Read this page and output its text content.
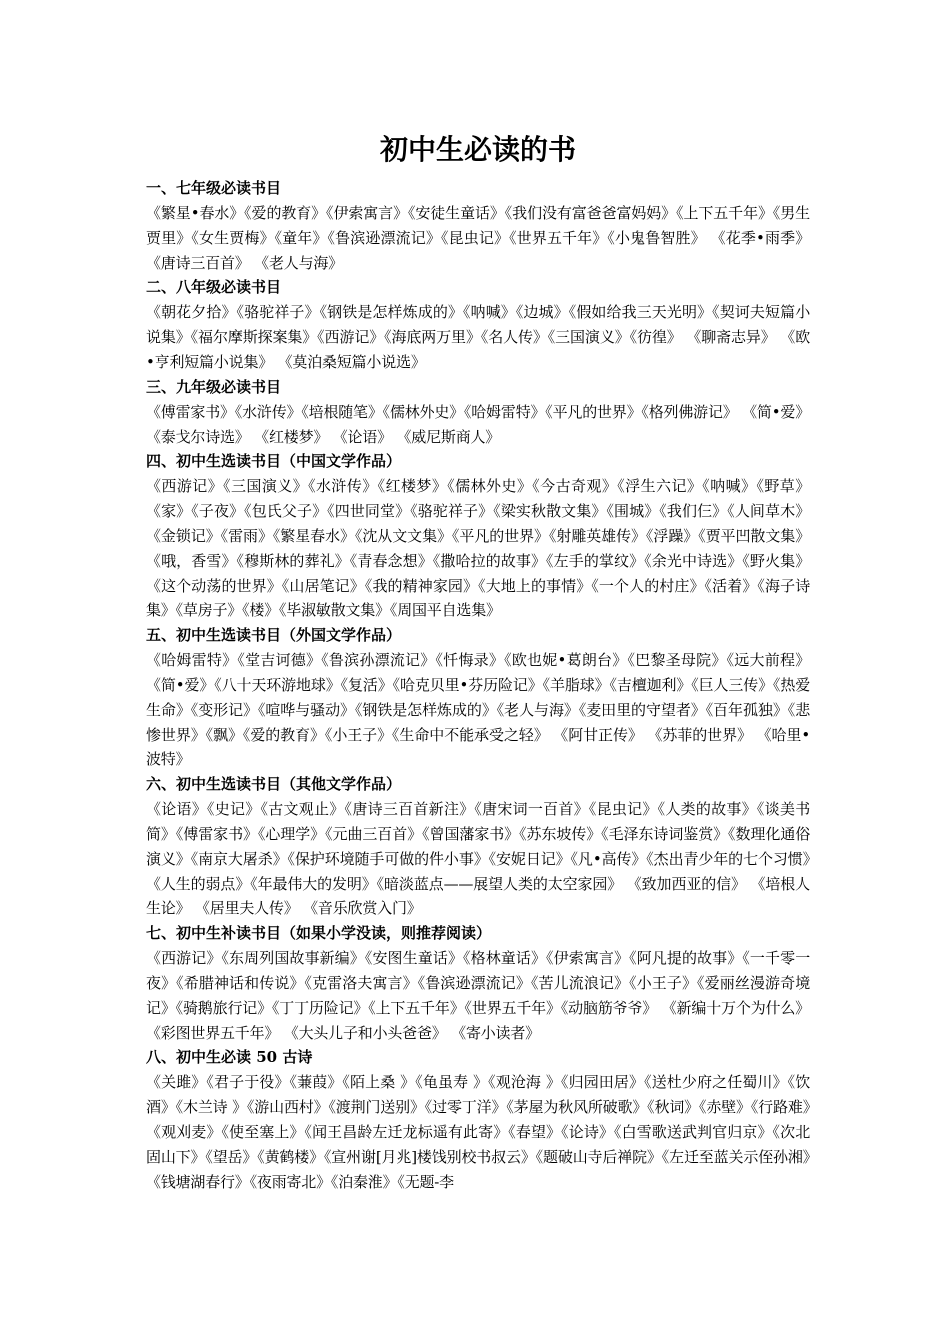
初中生必读的书

一、七年级必读书目

《繁星•春水》《爱的教育》《伊索寓言》《安徒生童话》《我们没有富爸爸富妈妈》《上下五千年》《男生贾里》《女生贾梅》《童年》《鲁滨逊漂流记》《昆虫记》《世界五千年》《小鬼鲁智胜》 《花季•雨季》 《唐诗三百首》 《老人与海》

二、八年级必读书目

《朝花夕拾》《骆驼祥子》《钢铁是怎样炼成的》《呐喊》《边城》《假如给我三天光明》《契诃夫短篇小说集》《福尔摩斯探案集》《西游记》《海底两万里》《名人传》《三国演义》《彷徨》 《聊斋志异》 《欧•亨利短篇小说集》 《莫泊桑短篇小说选》

三、九年级必读书目

《傅雷家书》《水浒传》《培根随笔》《儒林外史》《哈姆雷特》《平凡的世界》《格列佛游记》 《简•爱》 《泰戈尔诗选》 《红楼梦》 《论语》 《威尼斯商人》

四、初中生选读书目（中国文学作品）

《西游记》《三国演义》《水浒传》《红楼梦》《儒林外史》《今古奇观》《浮生六记》《呐喊》《野草》《家》《子夜》《包氏父子》《四世同堂》《骆驼祥子》《梁实秋散文集》《围城》《我们仨》《人间草木》《金锁记》《雷雨》《繁星春水》《沈从文文集》《平凡的世界》《射雕英雄传》《浮躁》《贾平凹散文集》《哦，香雪》《穆斯林的葬礼》《青春念想》《撒哈拉的故事》《左手的掌纹》《余光中诗选》《野火集》《这个动荡的世界》《山居笔记》《我的精神家园》《大地上的事情》《一个人的村庄》《活着》《海子诗集》《草房子》《楼》《毕淑敏散文集》《周国平自选集》

五、初中生选读书目（外国文学作品）

《哈姆雷特》《堂吉诃德》《鲁滨孙漂流记》《忏悔录》《欧也妮•葛朗台》《巴黎圣母院》《远大前程》《简•爱》《八十天环游地球》《复活》《哈克贝里•芬历险记》《羊脂球》《吉檀迦利》《巨人三传》《热爱生命》《变形记》《喧哗与骚动》《钢铁是怎样炼成的》《老人与海》《麦田里的守望者》《百年孤独》《悲惨世界》《飘》《爱的教育》《小王子》《生命中不能承受之轻》 《阿甘正传》 《苏菲的世界》 《哈里•波特》

六、初中生选读书目（其他文学作品）

《论语》《史记》《古文观止》《唐诗三百首新注》《唐宋词一百首》《昆虫记》《人类的故事》《谈美书简》《傅雷家书》《心理学》《元曲三百首》《曾国藩家书》《苏东坡传》《毛泽东诗词鉴赏》《数理化通俗演义》《南京大屠杀》《保护环境随手可做的件小事》《安妮日记》《凡•高传》《杰出青少年的七个习惯》《人生的弱点》《年最伟大的发明》《暗淡蓝点——展望人类的太空家园》 《致加西亚的信》 《培根人生论》 《居里夫人传》 《音乐欣赏入门》

七、初中生补读书目（如果小学没读，则推荐阅读）

《西游记》《东周列国故事新编》《安图生童话》《格林童话》《伊索寓言》《阿凡提的故事》《一千零一夜》《希腊神话和传说》《克雷洛夫寓言》《鲁滨逊漂流记》《苦儿流浪记》《小王子》《爱丽丝漫游奇境记》《骑鹅旅行记》《丁丁历险记》《上下五千年》《世界五千年》《动脑筋爷爷》 《新编十万个为什么》 《彩图世界五千年》 《大头儿子和小头爸爸》 《寄小读者》

八、初中生必读 50 古诗

《关雎》《君子于役》《蒹葭》《陌上桑 》《龟虽寿 》《观沧海 》《归园田居》《送杜少府之任蜀川》《饮酒》《木兰诗 》《游山西村》《渡荆门送别》《过零丁洋》《茅屋为秋风所破歌》《秋词》《赤壁》《行路难》《观刈麦》《使至塞上》《闻王昌龄左迁龙标遥有此寄》《春望》《论诗》《白雪歌送武判官归京》《次北固山下》《望岳》《黄鹤楼》《宣州谢[月兆]楼饯别校书叔云》《题破山寺后禅院》《左迁至蓝关示侄孙湘》《钱塘湖春行》《夜雨寄北》《泊秦淮》《无题-李
